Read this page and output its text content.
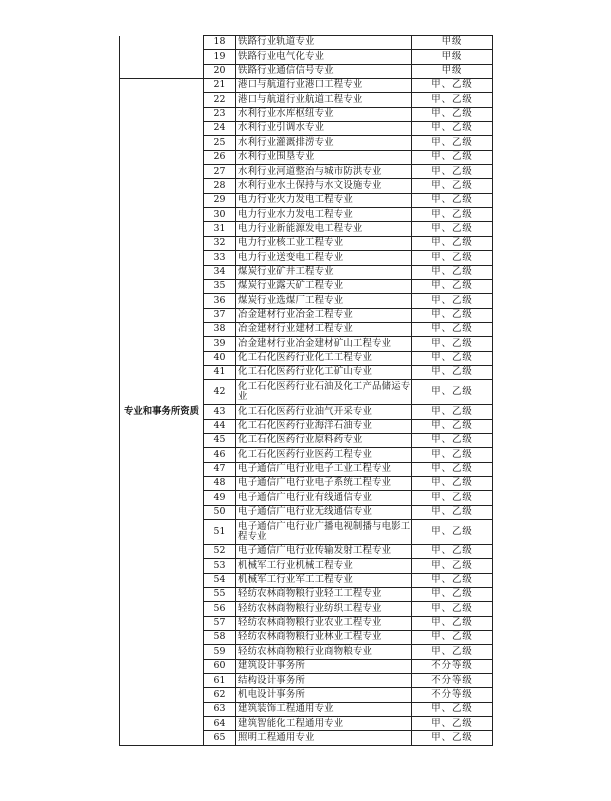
	18	铁路行业轨道专业	甲级
	19	铁路行业电气化专业	甲级
	20	铁路行业通信信号专业	甲级
专业和事务所资质	21	港口与航道行业港口工程专业	甲、乙级
	22	港口与航道行业航道工程专业	甲、乙级
	23	水利行业水库枢纽专业	甲、乙级
	24	水利行业引调水专业	甲、乙级
	25	水利行业灌溉排涝专业	甲、乙级
	26	水利行业围垦专业	甲、乙级
	27	水利行业河道整治与城市防洪专业	甲、乙级
	28	水利行业水土保持与水文设施专业	甲、乙级
	29	电力行业火力发电工程专业	甲、乙级
	30	电力行业水力发电工程专业	甲、乙级
	31	电力行业新能源发电工程专业	甲、乙级
	32	电力行业核工业工程专业	甲、乙级
	33	电力行业送变电工程专业	甲、乙级
	34	煤炭行业矿井工程专业	甲、乙级
	35	煤炭行业露天矿工程专业	甲、乙级
	36	煤炭行业选煤厂工程专业	甲、乙级
	37	冶金建材行业冶金工程专业	甲、乙级
	38	冶金建材行业建材工程专业	甲、乙级
	39	冶金建材行业冶金建材矿山工程专业	甲、乙级
	40	化工石化医药行业化工工程专业	甲、乙级
	41	化工石化医药行业化工矿山专业	甲、乙级
	42	化工石化医药行业石油及化工产品储运专业	甲、乙级
	43	化工石化医药行业油气开采专业	甲、乙级
	44	化工石化医药行业海洋石油专业	甲、乙级
	45	化工石化医药行业原料药专业	甲、乙级
	46	化工石化医药行业医药工程专业	甲、乙级
	47	电子通信广电行业电子工业工程专业	甲、乙级
	48	电子通信广电行业电子系统工程专业	甲、乙级
	49	电子通信广电行业有线通信专业	甲、乙级
	50	电子通信广电行业无线通信专业	甲、乙级
	51	电子通信广电行业广播电视制播与电影工程专业	甲、乙级
	52	电子通信广电行业传输发射工程专业	甲、乙级
	53	机械军工行业机械工程专业	甲、乙级
	54	机械军工行业军工工程专业	甲、乙级
	55	轻纺农林商物粮行业轻工工程专业	甲、乙级
	56	轻纺农林商物粮行业纺织工程专业	甲、乙级
	57	轻纺农林商物粮行业农业工程专业	甲、乙级
	58	轻纺农林商物粮行业林业工程专业	甲、乙级
	59	轻纺农林商物粮行业商物粮专业	甲、乙级
	60	建筑设计事务所	不分等级
	61	结构设计事务所	不分等级
	62	机电设计事务所	不分等级
	63	建筑装饰工程通用专业	甲、乙级
	64	建筑智能化工程通用专业	甲、乙级
	65	照明工程通用专业	甲、乙级
